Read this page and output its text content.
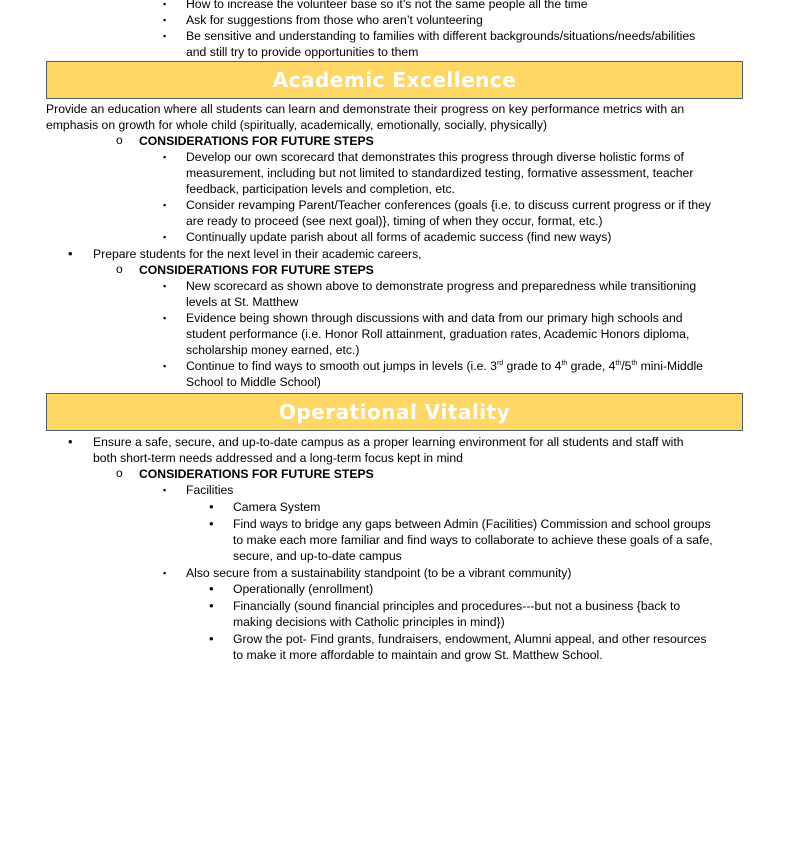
▪ How to increase the volunteer base so it’s not the same people all the time
▪ Ask for suggestions from those who aren’t volunteering
▪ Be sensitive and understanding to families with different backgrounds/situations/needs/abilities
and still try to provide opportunities to them
Academic Excellence
Provide an education where all students can learn and demonstrate their progress on key performance metrics with an
emphasis on growth for whole child (spiritually, academically, emotionally, socially, physically)
o CONSIDERATIONS FOR FUTURE STEPS
▪ Develop our own scorecard that demonstrates this progress through diverse holistic forms of
measurement, including but not limited to standardized testing, formative assessment, teacher
feedback, participation levels and completion, etc.
▪ Consider revamping Parent/Teacher conferences (goals {i.e. to discuss current progress or if they
are ready to proceed (see next goal)}, timing of when they occur, format, etc.)
▪ Continually update parish about all forms of academic success (find new ways)
• Prepare students for the next level in their academic careers,
o CONSIDERATIONS FOR FUTURE STEPS
▪ New scorecard as shown above to demonstrate progress and preparedness while transitioning
levels at St. Matthew
▪ Evidence being shown through discussions with and data from our primary high schools and
student performance (i.e. Honor Roll attainment, graduation rates, Academic Honors diploma,
scholarship money earned, etc.)
▪ Continue to find ways to smooth out jumps in levels (i.e. 3rd grade to 4th grade, 4th/5th mini-Middle
School to Middle School)
Operational Vitality
• Ensure a safe, secure, and up-to-date campus as a proper learning environment for all students and staff with
both short-term needs addressed and a long-term focus kept in mind
o CONSIDERATIONS FOR FUTURE STEPS
▪ Facilities
• Camera System
• Find ways to bridge any gaps between Admin (Facilities) Commission and school groups
to make each more familiar and find ways to collaborate to achieve these goals of a safe,
secure, and up-to-date campus
▪ Also secure from a sustainability standpoint (to be a vibrant community)
• Operationally (enrollment)
• Financially (sound financial principles and procedures---but not a business {back to
making decisions with Catholic principles in mind})
• Grow the pot- Find grants, fundraisers, endowment, Alumni appeal, and other resources
to make it more affordable to maintain and grow St. Matthew School.
